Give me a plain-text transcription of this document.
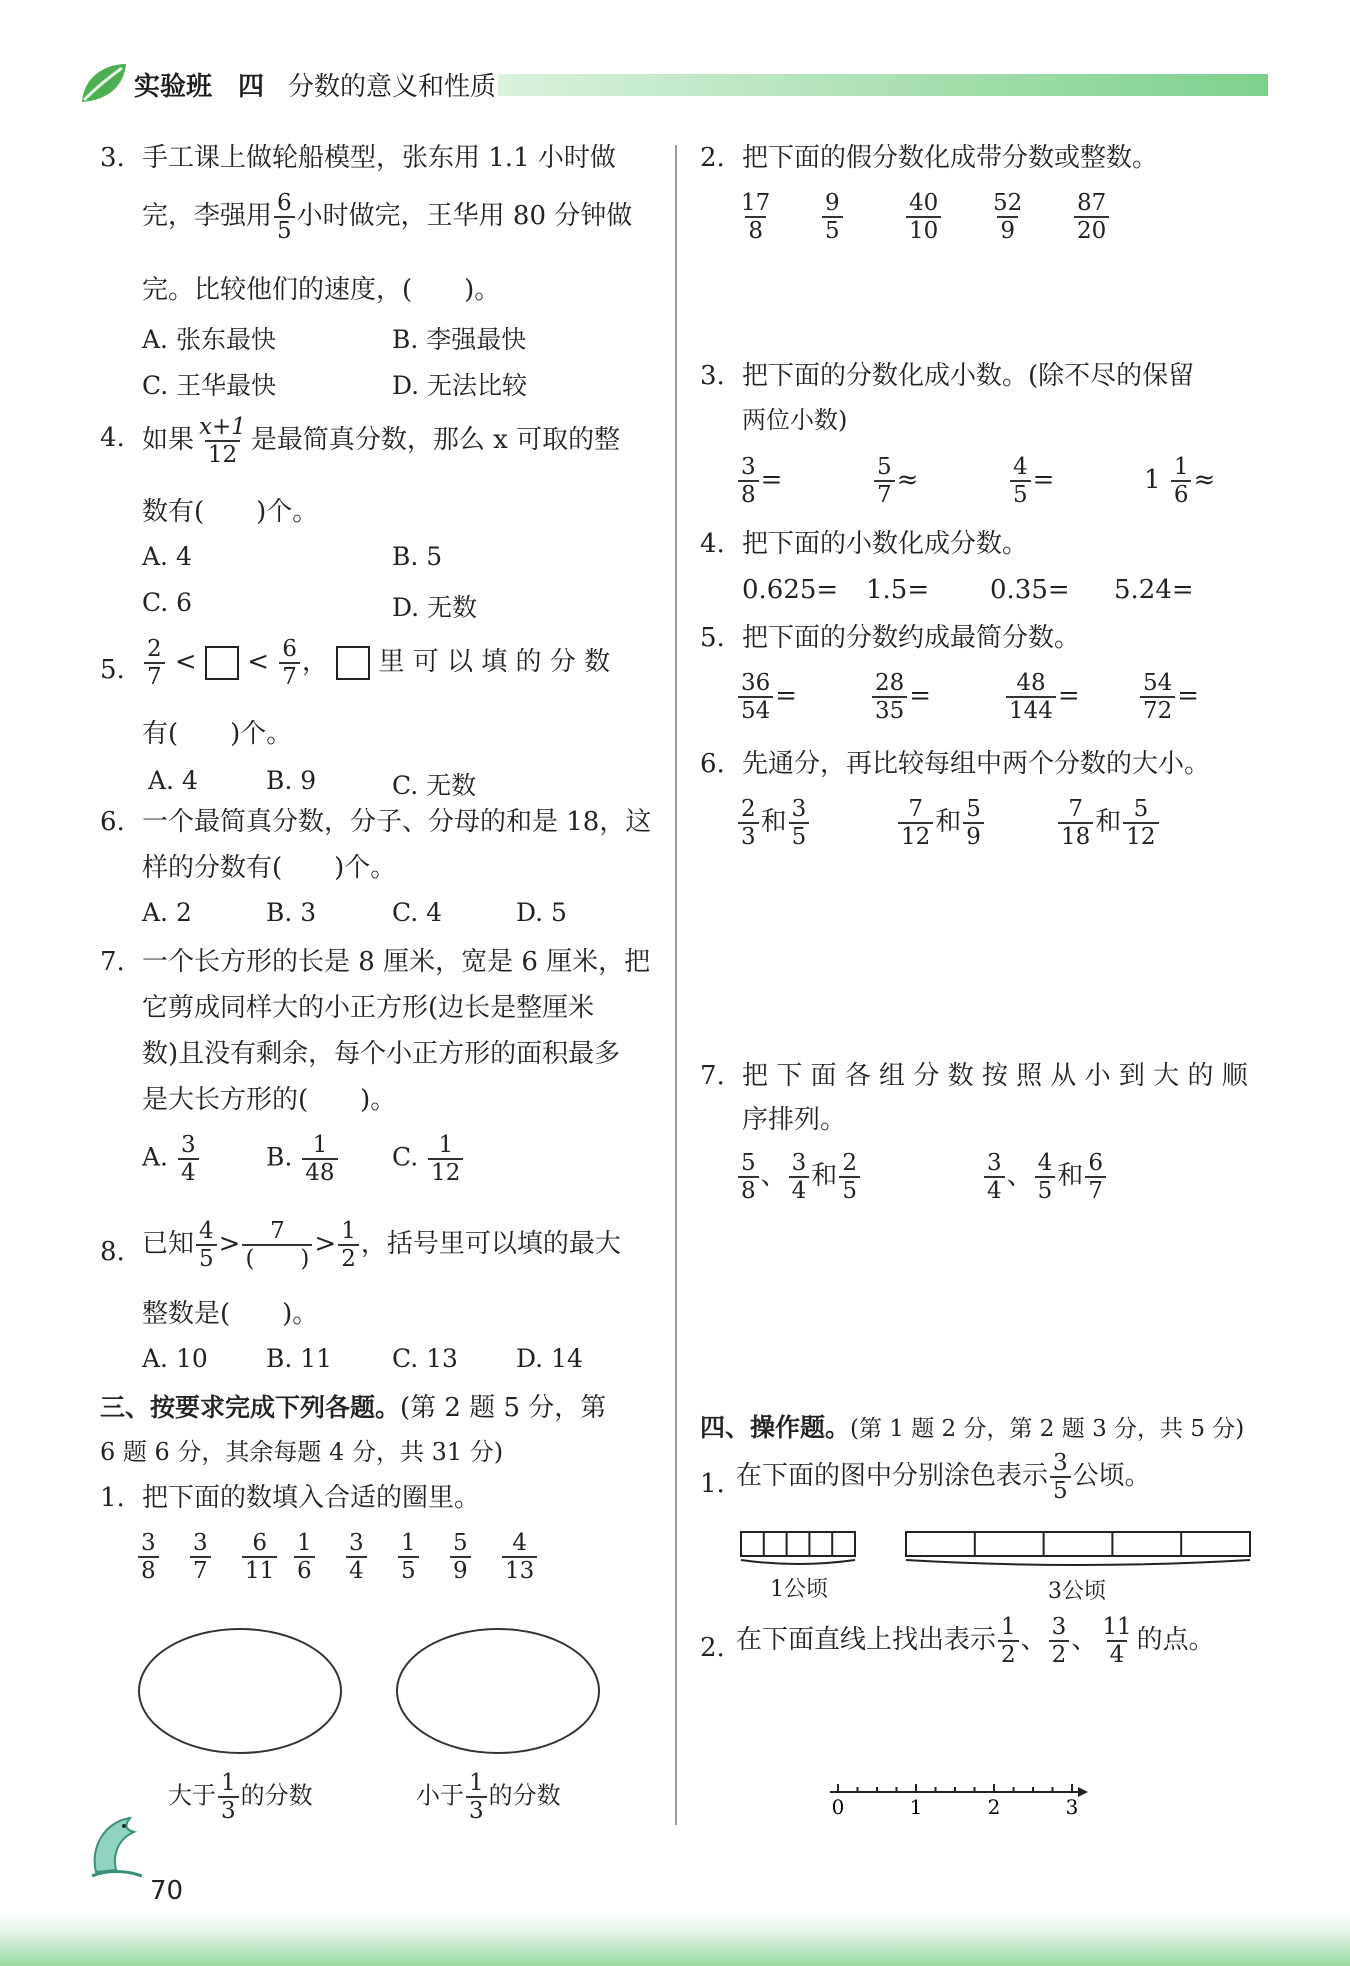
实验班 四 分数的意义和性质
3. 手工课上做轮船模型，张东用 1.1 小时做
完，李强用 $\frac{6}{5}$ 小时做完，王华用 80 分钟做
完。比较他们的速度，(　　)。
A. 张东最快	B. 李强最快
C. 王华最快	D. 无法比较
4. 如果 $\frac{x+1}{12}$ 是最简真分数，那么 x 可取的整
数有(　　)个。
A. 4	B. 5
C. 6	D. 无数
5. $\frac{2}{7}$ < < $\frac{6}{7}$ ， 里 可 以 填 的 分 数
有(　　)个。
A. 4	B. 9	C. 无数
6. 一个最简真分数，分子、分母的和是 18，这
样的分数有(　　)个。
A. 2	B. 3	C. 4	D. 5
7. 一个长方形的长是 8 厘米，宽是 6 厘米，把
它剪成同样大的小正方形(边长是整厘米
数)且没有剩余，每个小正方形的面积最多
是大长方形的(　　)。
A. $\frac{3}{4}$	B. $\frac{1}{48} C$. $\frac{1}{12}$
8. 已知 $\frac{4}{5} > \frac{7}{( )} > \frac{1}{2}$ ，括号里可以填的最大
整数是(　　)。
A. 10 B. 11 C. 13 D. 14
三、按要求完成下列各题。(第 2 题 5 分，第
6 题 6 分，其余每题 4 分，共 31 分)
1. 把下面的数填入合适的圈里。
$\frac{3}{8} \frac{3}{7} \frac{6}{11} \frac{1}{6} \frac{3}{4} \frac{1}{5} \frac{5}{9} \frac{4}{13}$
大于 $\frac{1}{3}$ 的分数	小于 $\frac{1}{3}$ 的分数
2. 把下面的假分数化成带分数或整数。
$\frac{17}{8} \frac{9}{5}$	$\frac{40}{10} \frac{52}{9} \frac{87}{20}$
3. 把下面的分数化成小数。(除不尽的保留
两位小数)
$\frac{3}{8}$ =	$\frac{5}{7}$ ≈	$\frac{4}{5}$ =	$1 \frac{1}{6}$ ≈
4. 把下面的小数化成分数。
0.625= 1.5= 0.35= 5.24=
5. 把下面的分数约成最简分数。
$\frac{36}{54}$ =	$\frac{28}{35}$ =	$\frac{48}{144}$ =	$\frac{54}{72}$ =
6. 先通分，再比较每组中两个分数的大小。
$\frac{2}{3}$ 和 $\frac{3}{5}$	$\frac{7}{12}$ 和 $\frac{5}{9}$	$\frac{7}{18}$ 和 $\frac{5}{12}$
7. 把 下 面 各 组 分 数 按 照 从 小 到 大 的 顺
序排列。
$\frac{5}{8}$ 、 $\frac{3}{4}$ 和 $\frac{2}{5}$	$\frac{3}{4}$ 、 $\frac{4}{5}$ 和 $\frac{6}{7}$
四、操作题。(第 1 题 2 分，第 2 题 3 分，共 5 分)
1. 在下面的图中分别涂色表示 $\frac{3}{5}$ 公顷。
1公顷	3公顷
2. 在下面直线上找出表示 $\frac{1}{2}$ 、 $\frac{3}{2}$ 、 $\frac{11}{4}$ 的点。
0	1	2	3
70
